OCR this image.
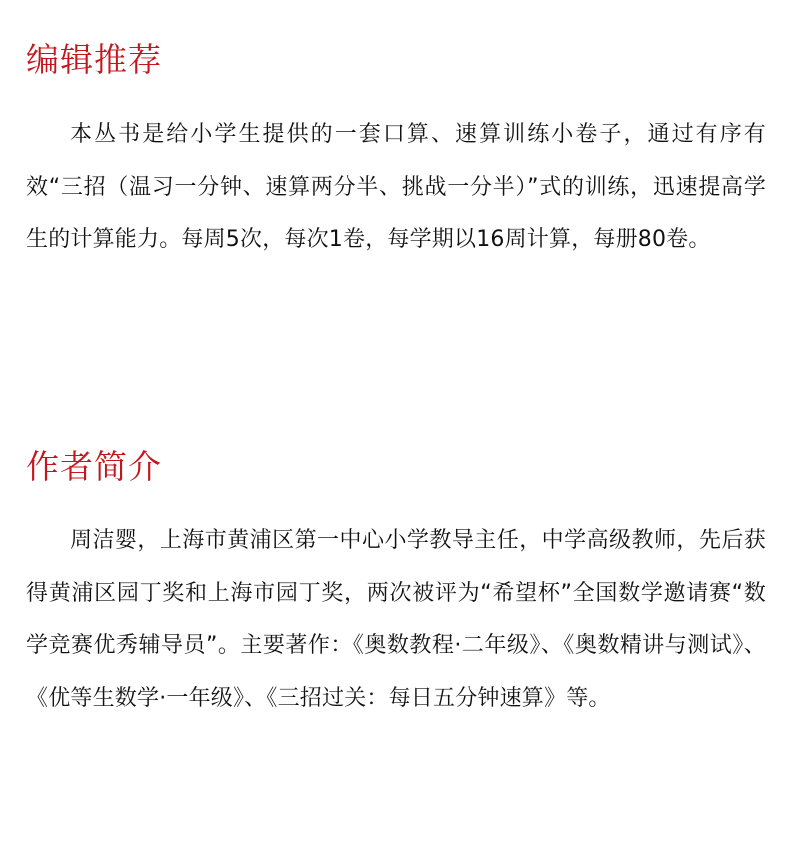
编辑推荐

本丛书是给小学生提供的一套口算、速算训练小卷子，通过有序有效“三招（温习一分钟、速算两分半、挑战一分半）”式的训练，迅速提高学生的计算能力。每周5次，每次1卷，每学期以16周计算，每册80卷。

作者简介

周洁婴，上海市黄浦区第一中心小学教导主任，中学高级教师，先后获得黄浦区园丁奖和上海市园丁奖，两次被评为“希望杯”全国数学邀请赛“数学竞赛优秀辅导员”。主要著作：《奥数教程·二年级》、《奥数精讲与测试》、《优等生数学·一年级》、《三招过关：每日五分钟速算》等。
